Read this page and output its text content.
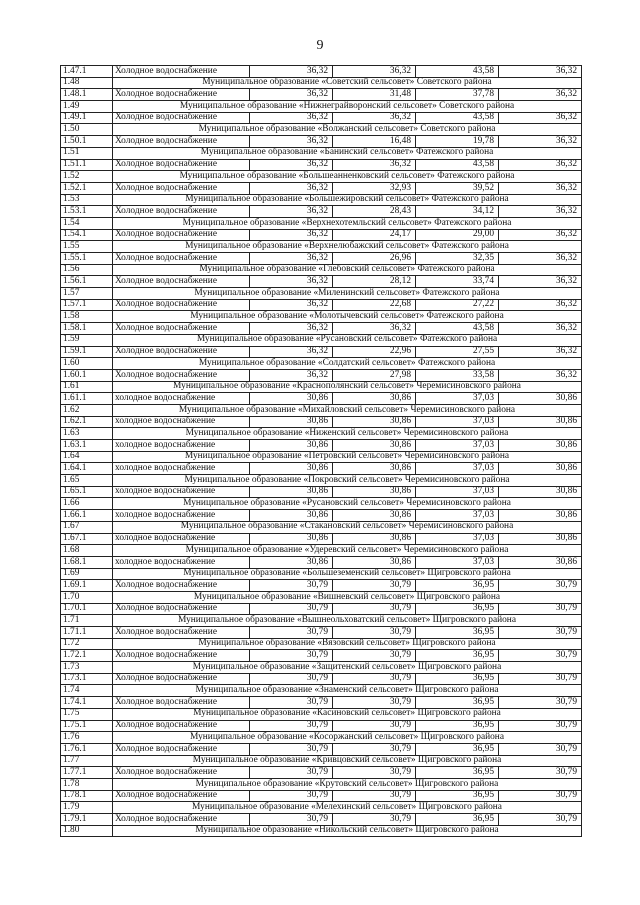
9
1.47.1	Холодное водоснабжение	36,32	36,32	43,58	36,32
1.48	Муниципальное образование «Советский сельсовет» Советского района				
1.48.1	Холодное водоснабжение	36,32	31,48	37,78	36,32
1.49	Муниципальное образование «Нижнеграйворонский сельсовет» Советского района				
1.49.1	Холодное водоснабжение	36,32	36,32	43,58	36,32
1.50	Муниципальное образование «Волжанский сельсовет» Советского района				
1.50.1	Холодное водоснабжение	36,32	16,48	19,78	36,32
1.51	Муниципальное образование «Банинский сельсовет» Фатежского района				
1.51.1	Холодное водоснабжение	36,32	36,32	43,58	36,32
1.52	Муниципальное образование «Большеанненковский сельсовет» Фатежского района				
1.52.1	Холодное водоснабжение	36,32	32,93	39,52	36,32
1.53	Муниципальное образование «Большежировский сельсовет» Фатежского района				
1.53.1	Холодное водоснабжение	36,32	28,43	34,12	36,32
1.54	Муниципальное образование «Верхнехотемльский сельсовет» Фатежского района				
1.54.1	Холодное водоснабжение	36,32	24,17	29,00	36,32
1.55	Муниципальное образование «Верхнелюбажский сельсовет» Фатежского района				
1.55.1	Холодное водоснабжение	36,32	26,96	32,35	36,32
1.56	Муниципальное образование «Глебовский сельсовет» Фатежского района				
1.56.1	Холодное водоснабжение	36,32	28,12	33,74	36,32
1.57	Муниципальное образование «Миленинский сельсовет» Фатежского района				
1.57.1	Холодное водоснабжение	36,32	22,68	27,22	36,32
1.58	Муниципальное образование «Молотычевский сельсовет» Фатежского района				
1.58.1	Холодное водоснабжение	36,32	36,32	43,58	36,32
1.59	Муниципальное образование «Русановский сельсовет» Фатежского района				
1.59.1	Холодное водоснабжение	36,32	22,96	27,55	36,32
1.60	Муниципальное образование «Солдатский сельсовет» Фатежского района				
1.60.1	Холодное водоснабжение	36,32	27,98	33,58	36,32
1.61	Муниципальное образование «Краснополянский сельсовет» Черемисиновского района				
1.61.1	холодное водоснабжение	30,86	30,86	37,03	30,86
1.62	Муниципальное образование «Михайловский сельсовет» Черемисиновского района				
1.62.1	холодное водоснабжение	30,86	30,86	37,03	30,86
1.63	Муниципальное образование «Ниженский сельсовет» Черемисиновского района				
1.63.1	холодное водоснабжение	30,86	30,86	37,03	30,86
1.64	Муниципальное образование «Петровский сельсовет» Черемисиновского района				
1.64.1	холодное водоснабжение	30,86	30,86	37,03	30,86
1.65	Муниципальное образование «Покровский сельсовет» Черемисиновского района				
1.65.1	холодное водоснабжение	30,86	30,86	37,03	30,86
1.66	Муниципальное образование «Русановский сельсовет» Черемисиновского района				
1.66.1	холодное водоснабжение	30,86	30,86	37,03	30,86
1.67	Муниципальное образование «Стакановский сельсовет» Черемисиновского района				
1.67.1	холодное водоснабжение	30,86	30,86	37,03	30,86
1.68	Муниципальное образование «Удеревский сельсовет» Черемисиновского района				
1.68.1	холодное водоснабжение	30,86	30,86	37,03	30,86
1.69	Муниципальное образование «Большеземенский сельсовет» Щигровского района				
1.69.1	Холодное водоснабжение	30,79	30,79	36,95	30,79
1.70	Муниципальное образование «Вишневский сельсовет» Щигровского района				
1.70.1	Холодное водоснабжение	30,79	30,79	36,95	30,79
1.71	Муниципальное образование «Вышнеольховатский сельсовет» Щигровского района				
1.71.1	Холодное водоснабжение	30,79	30,79	36,95	30,79
1.72	Муниципальное образование «Вязовский сельсовет» Щигровского района				
1.72.1	Холодное водоснабжение	30,79	30,79	36,95	30,79
1.73	Муниципальное образование «Защитенский сельсовет» Щигровского района				
1.73.1	Холодное водоснабжение	30,79	30,79	36,95	30,79
1.74	Муниципальное образование «Знаменский сельсовет» Щигровского района				
1.74.1	Холодное водоснабжение	30,79	30,79	36,95	30,79
1.75	Муниципальное образование «Касиновский сельсовет» Щигровского района				
1.75.1	Холодное водоснабжение	30,79	30,79	36,95	30,79
1.76	Муниципальное образование «Косоржанский сельсовет» Щигровского района				
1.76.1	Холодное водоснабжение	30,79	30,79	36,95	30,79
1.77	Муниципальное образование «Кривцовский сельсовет» Щигровского района				
1.77.1	Холодное водоснабжение	30,79	30,79	36,95	30,79
1.78	Муниципальное образование «Крутовский сельсовет» Щигровского района				
1.78.1	Холодное водоснабжение	30,79	30,79	36,95	30,79
1.79	Муниципальное образование «Мелехинский сельсовет» Щигровского района				
1.79.1	Холодное водоснабжение	30,79	30,79	36,95	30,79
1.80	Муниципальное образование «Никольский сельсовет» Щигровского района				
